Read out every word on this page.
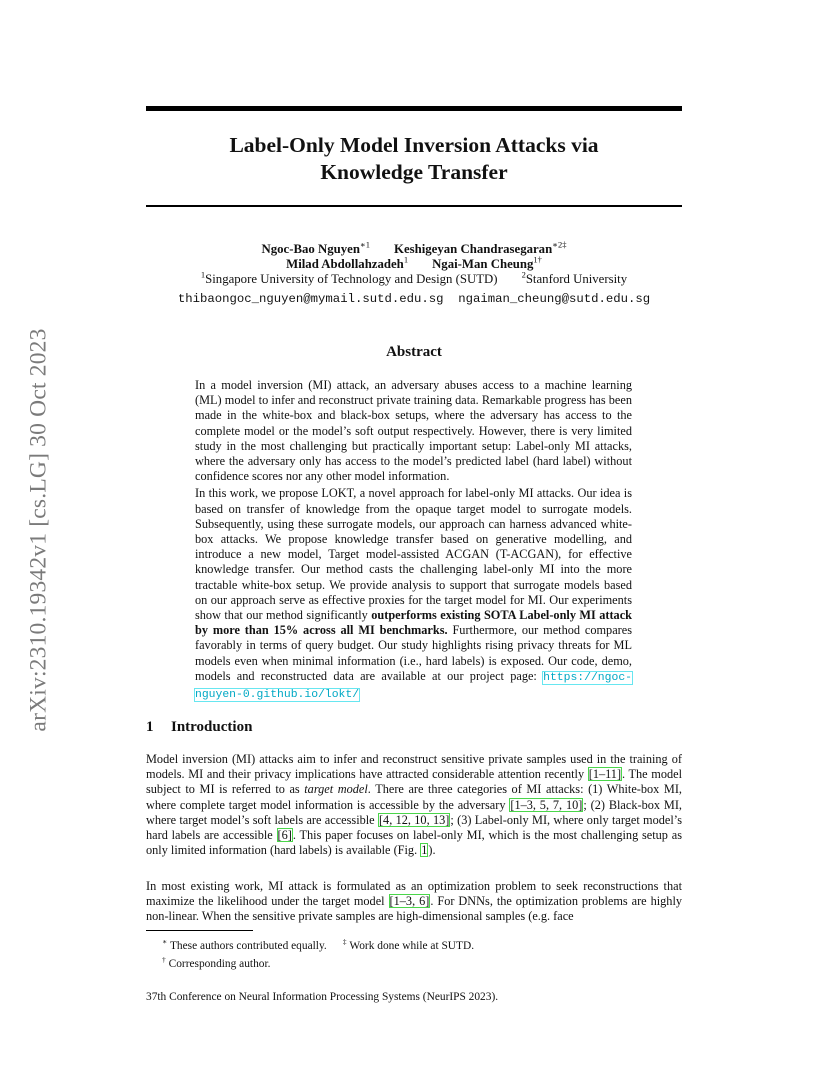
arXiv:2310.19342v1 [cs.LG] 30 Oct 2023
Label-Only Model Inversion Attacks via
Knowledge Transfer
Ngoc-Bao Nguyen$^{∗1}$ Keshigeyan Chandrasegaran$^{∗2\ddagger}$
Milad Abdollahzadeh$^1$ Ngai-Man Cheung$^{1\dagger}$
$^1$Singapore University of Technology and Design (SUTD)	$^2$Stanford University
thibaongoc_nguyen@mymail.sutd.edu.sg ngaiman_cheung@sutd.edu.sg
Abstract

In a model inversion (MI) attack, an adversary abuses access to a machine learning (ML) model to infer and reconstruct private training data. Remarkable progress has been made in the white-box and black-box setups, where the adversary has access to the complete model or the model’s soft output respectively. However, there is very limited study in the most challenging but practically important setup: Label-only MI attacks, where the adversary only has access to the model’s predicted label (hard label) without confidence scores nor any other model information.

In this work, we propose LOKT, a novel approach for label-only MI attacks. Our idea is based on transfer of knowledge from the opaque target model to surrogate models. Subsequently, using these surrogate models, our approach can harness advanced white-box attacks. We propose knowledge transfer based on generative modelling, and introduce a new model, Target model-assisted ACGAN (T-ACGAN), for effective knowledge transfer. Our method casts the challenging label-only MI into the more tractable white-box setup. We provide analysis to support that surrogate models based on our approach serve as effective proxies for the target model for MI. Our experiments show that our method significantly outperforms existing SOTA Label-only MI attack by more than 15% across all MI benchmarks. Furthermore, our method compares favorably in terms of query budget. Our study highlights rising privacy threats for ML models even when minimal information (i.e., hard labels) is exposed. Our code, demo, models and reconstructed data are available at our project page: https://ngoc-nguyen-0.github.io/lokt/

1 Introduction

Model inversion (MI) attacks aim to infer and reconstruct sensitive private samples used in the training of models. MI and their privacy implications have attracted considerable attention recently [1–11]. The model subject to MI is referred to as target model. There are three categories of MI attacks: (1) White-box MI, where complete target model information is accessible by the adversary [1–3, 5, 7, 10]; (2) Black-box MI, where target model’s soft labels are accessible [4, 12, 10, 13]; (3) Label-only MI, where only target model’s hard labels are accessible [6]. This paper focuses on label-only MI, which is the most challenging setup as only limited information (hard labels) is available (Fig. 1).

In most existing work, MI attack is formulated as an optimization problem to seek reconstructions that maximize the likelihood under the target model [1–3, 6]. For DNNs, the optimization problems are highly non-linear. When the sensitive private samples are high-dimensional samples (e.g. face

∗ These authors contributed equally. ‡ Work done while at SUTD.
† Corresponding author.
37th Conference on Neural Information Processing Systems (NeurIPS 2023).
